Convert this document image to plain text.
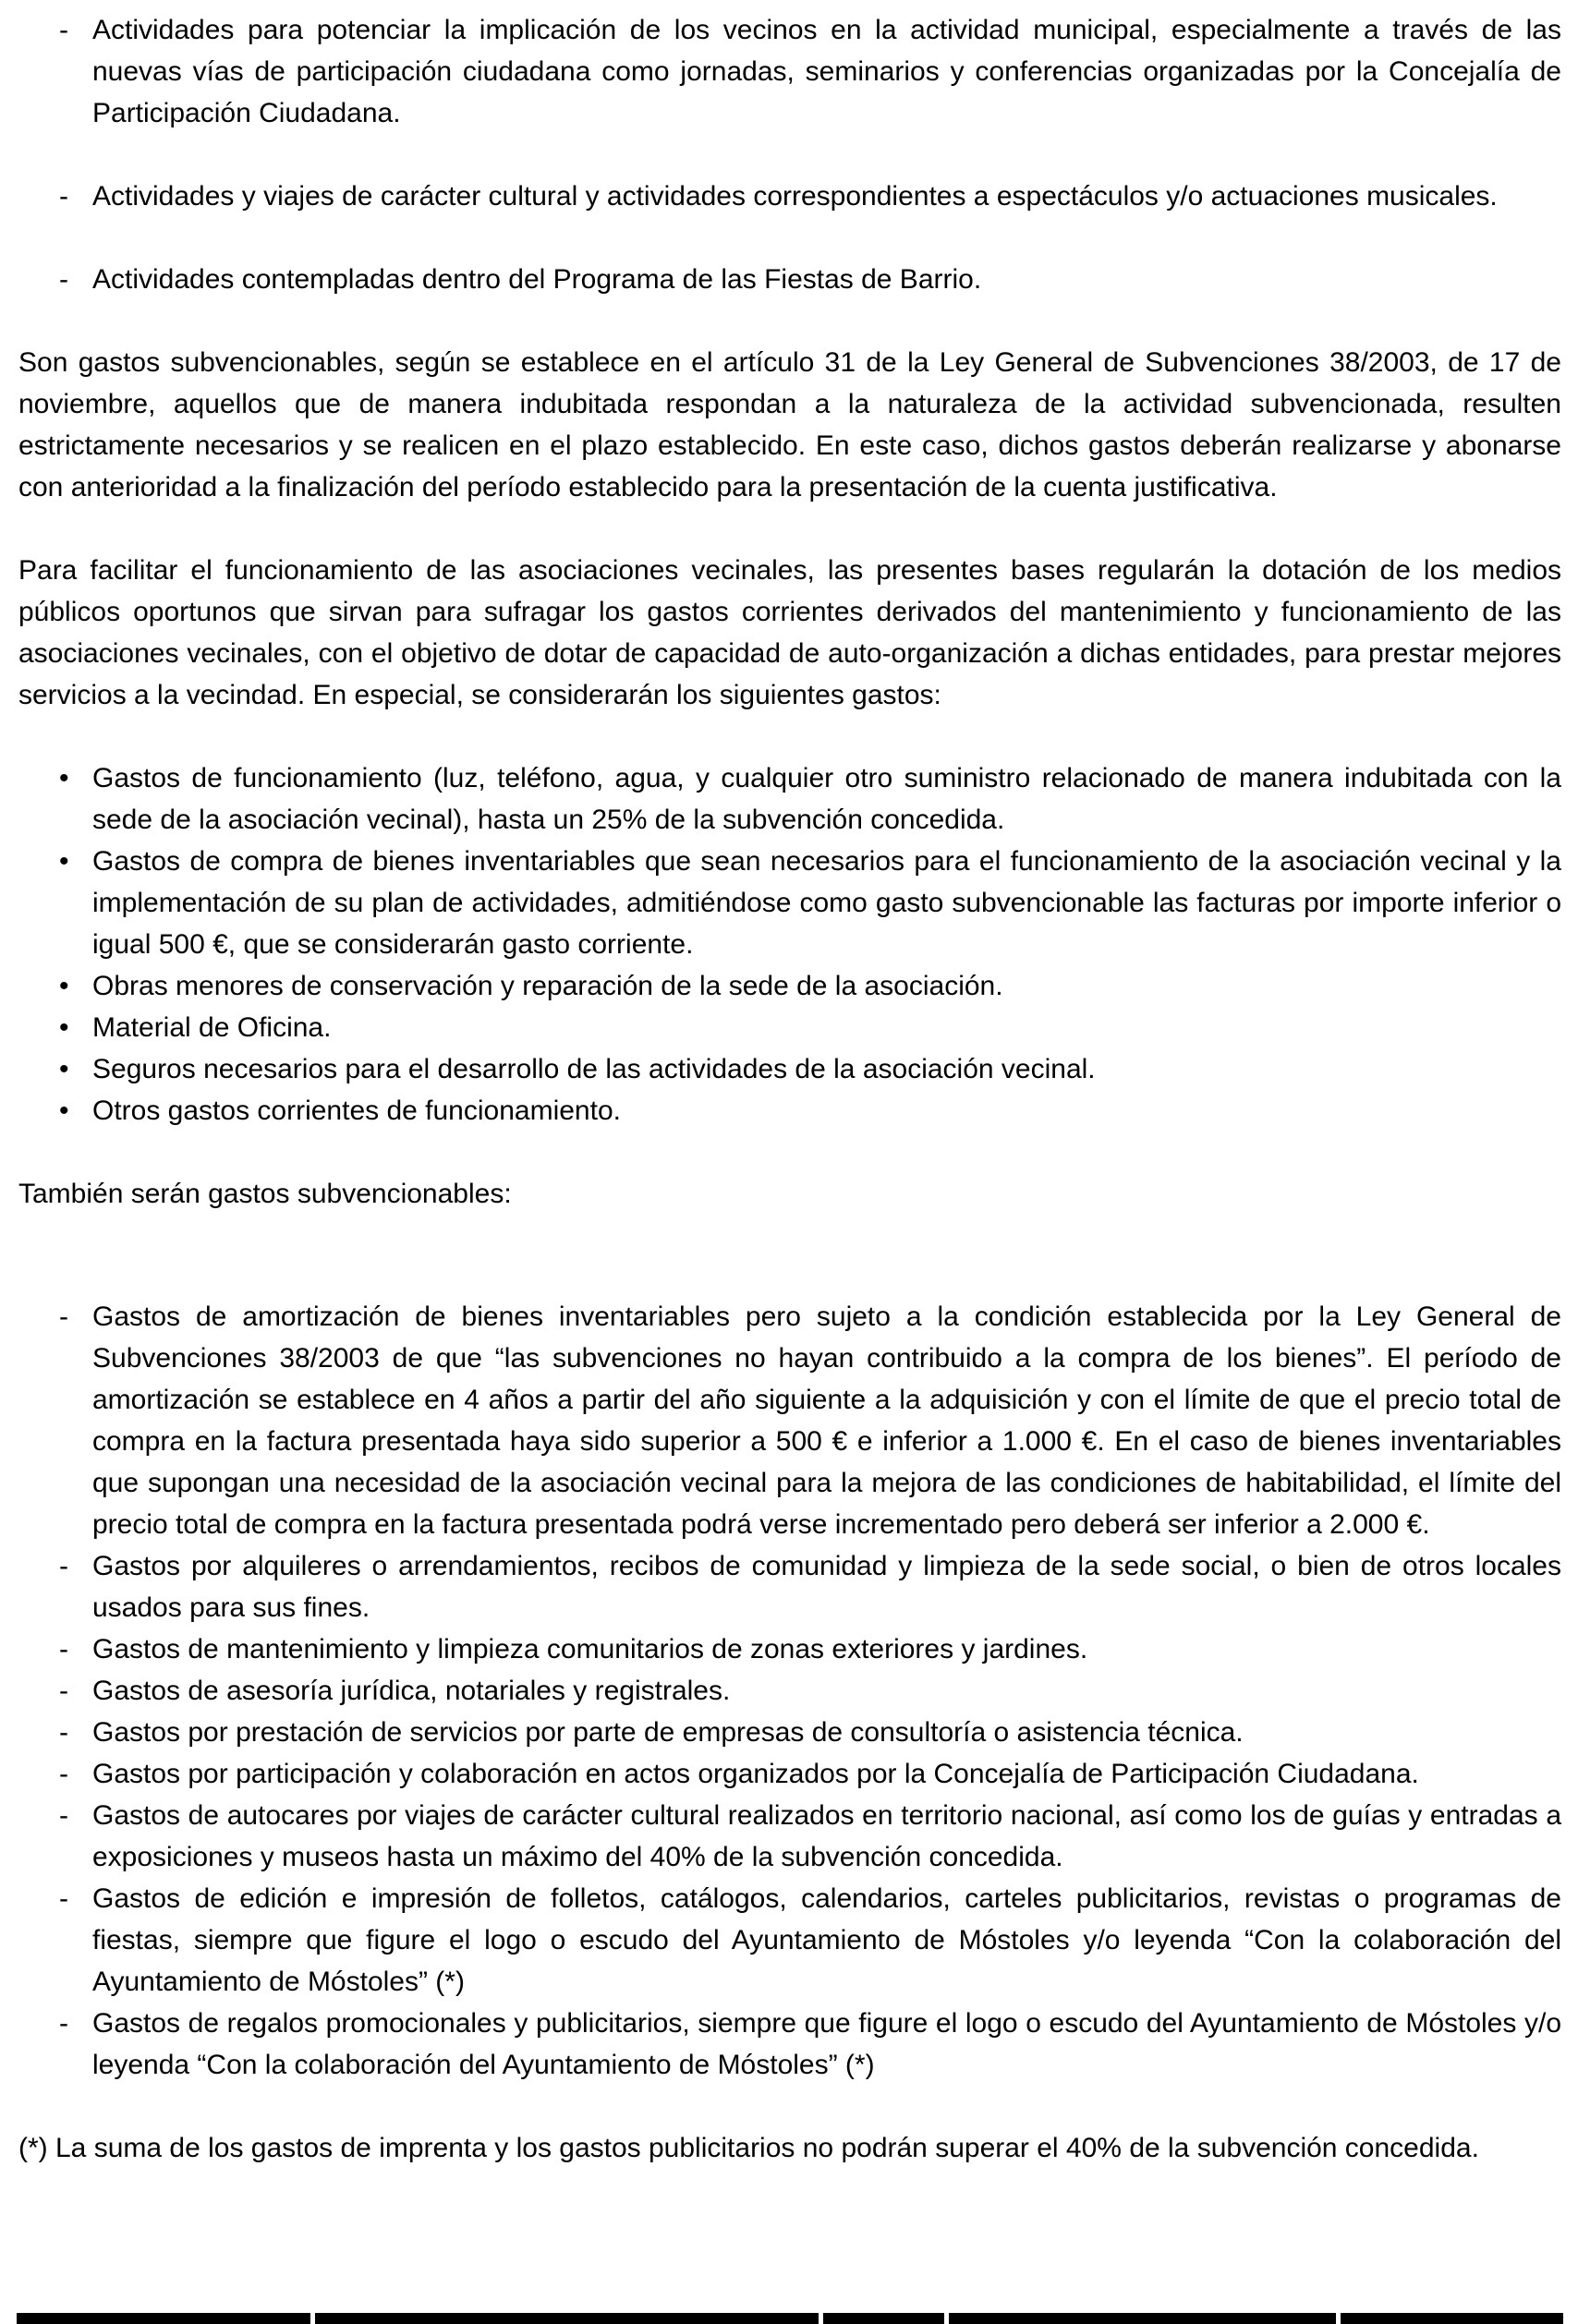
- Actividades para potenciar la implicación de los vecinos en la actividad municipal, especialmente a través de las nuevas vías de participación ciudadana como jornadas, seminarios y conferencias organizadas por la Concejalía de Participación Ciudadana.
- Actividades y viajes de carácter cultural y actividades correspondientes a espectáculos y/o actuaciones musicales.
- Actividades contempladas dentro del Programa de las Fiestas de Barrio.

Son gastos subvencionables, según se establece en el artículo 31 de la Ley General de Subvenciones 38/2003, de 17 de noviembre, aquellos que de manera indubitada respondan a la naturaleza de la actividad subvencionada, resulten estrictamente necesarios y se realicen en el plazo establecido. En este caso, dichos gastos deberán realizarse y abonarse con anterioridad a la finalización del período establecido para la presentación de la cuenta justificativa.

Para facilitar el funcionamiento de las asociaciones vecinales, las presentes bases regularán la dotación de los medios públicos oportunos que sirvan para sufragar los gastos corrientes derivados del mantenimiento y funcionamiento de las asociaciones vecinales, con el objetivo de dotar de capacidad de auto-organización a dichas entidades, para prestar mejores servicios a la vecindad. En especial, se considerarán los siguientes gastos:

• Gastos de funcionamiento (luz, teléfono, agua, y cualquier otro suministro relacionado de manera indubitada con la sede de la asociación vecinal), hasta un 25% de la subvención concedida.
• Gastos de compra de bienes inventariables que sean necesarios para el funcionamiento de la asociación vecinal y la implementación de su plan de actividades, admitiéndose como gasto subvencionable las facturas por importe inferior o igual 500 €, que se considerarán gasto corriente.
• Obras menores de conservación y reparación de la sede de la asociación.
• Material de Oficina.
• Seguros necesarios para el desarrollo de las actividades de la asociación vecinal.
• Otros gastos corrientes de funcionamiento.

También serán gastos subvencionables:

- Gastos de amortización de bienes inventariables pero sujeto a la condición establecida por la Ley General de Subvenciones 38/2003 de que “las subvenciones no hayan contribuido a la compra de los bienes”. El período de amortización se establece en 4 años a partir del año siguiente a la adquisición y con el límite de que el precio total de compra en la factura presentada haya sido superior a 500 € e inferior a 1.000 €. En el caso de bienes inventariables que supongan una necesidad de la asociación vecinal para la mejora de las condiciones de habitabilidad, el límite del precio total de compra en la factura presentada podrá verse incrementado pero deberá ser inferior a 2.000 €.
- Gastos por alquileres o arrendamientos, recibos de comunidad y limpieza de la sede social, o bien de otros locales usados para sus fines.
- Gastos de mantenimiento y limpieza comunitarios de zonas exteriores y jardines.
- Gastos de asesoría jurídica, notariales y registrales.
- Gastos por prestación de servicios por parte de empresas de consultoría o asistencia técnica.
- Gastos por participación y colaboración en actos organizados por la Concejalía de Participación Ciudadana.
- Gastos de autocares por viajes de carácter cultural realizados en territorio nacional, así como los de guías y entradas a exposiciones y museos hasta un máximo del 40% de la subvención concedida.
- Gastos de edición e impresión de folletos, catálogos, calendarios, carteles publicitarios, revistas o programas de fiestas, siempre que figure el logo o escudo del Ayuntamiento de Móstoles y/o leyenda “Con la colaboración del Ayuntamiento de Móstoles” (*)
- Gastos de regalos promocionales y publicitarios, siempre que figure el logo o escudo del Ayuntamiento de Móstoles y/o leyenda “Con la colaboración del Ayuntamiento de Móstoles” (*)

(*) La suma de los gastos de imprenta y los gastos publicitarios no podrán superar el 40% de la subvención concedida.
